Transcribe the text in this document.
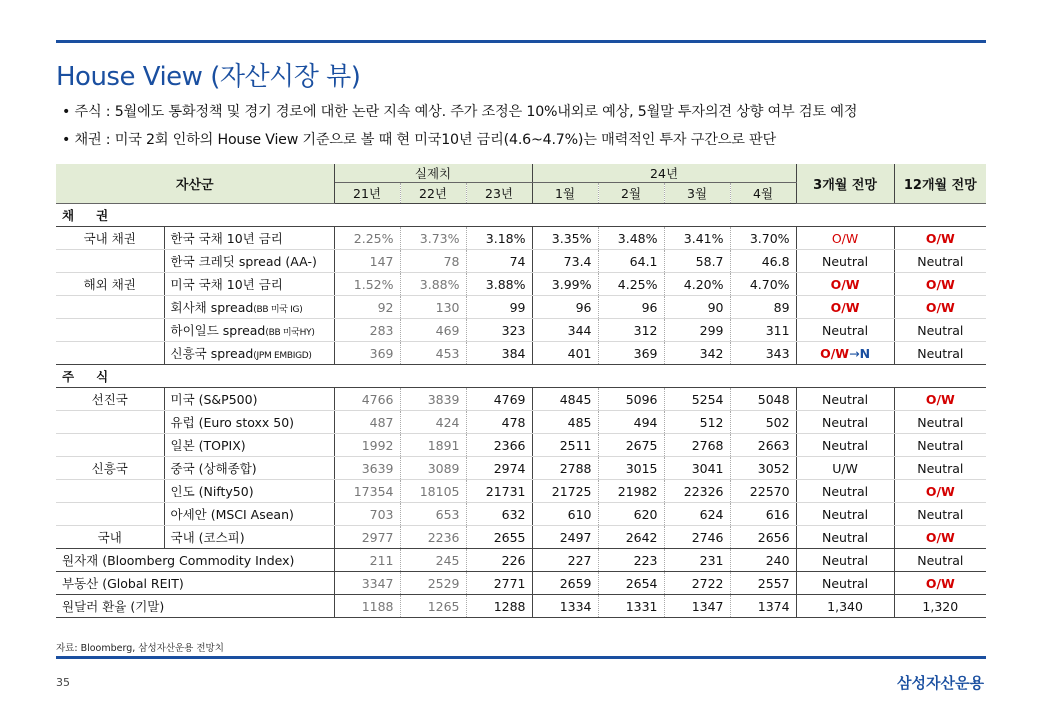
House View (자산시장 뷰)
• 주식 : 5월에도 통화정책 및 경기 경로에 대한 논란 지속 예상. 주가 조정은 10%내외로 예상, 5월말 투자의견 상향 여부 검토 예정
• 채권 : 미국 2회 인하의 House View 기준으로 볼 때 현 미국10년 금리(4.6~4.7%)는 매력적인 투자 구간으로 판단
자산군		실제치			24년				3개월 전망	12개월 전망
		21년	22년	23년	1월	2월	3월	4월		
채권										
국내 채권	한국 국채 10년 금리	2.25%	3.73%	3.18%	3.35%	3.48%	3.41%	3.70%	O/W	O/W
	한국 크레딧 spread (AA-)	147	78	74	73.4	64.1	58.7	46.8	Neutral	Neutral
해외 채권	미국 국채 10년 금리	1.52%	3.88%	3.88%	3.99%	4.25%	4.20%	4.70%	O/W	O/W
	회사채 spread(BB 미국 IG)	92	130	99	96	96	90	89	O/W	O/W
	하이일드 spread(BB 미국HY)	283	469	323	344	312	299	311	Neutral	Neutral
	신흥국 spread(JPM EMBIGD)	369	453	384	401	369	342	343	O/W→N	Neutral
주식										
선진국	미국 (S&P500)	4766	3839	4769	4845	5096	5254	5048	Neutral	O/W
	유럽 (Euro stoxx 50)	487	424	478	485	494	512	502	Neutral	Neutral
	일본 (TOPIX)	1992	1891	2366	2511	2675	2768	2663	Neutral	Neutral
신흥국	중국 (상해종합)	3639	3089	2974	2788	3015	3041	3052	U/W	Neutral
	인도 (Nifty50)	17354	18105	21731	21725	21982	22326	22570	Neutral	O/W
	아세안 (MSCI Asean)	703	653	632	610	620	624	616	Neutral	Neutral
국내	국내 (코스피)	2977	2236	2655	2497	2642	2746	2656	Neutral	O/W
원자재 (Bloomberg Commodity Index)		211	245	226	227	223	231	240	Neutral	Neutral
부동산 (Global REIT)		3347	2529	2771	2659	2654	2722	2557	Neutral	O/W
원달러 환율 (기말)		1188	1265	1288	1334	1331	1347	1374	1,340	1,320
자료: Bloomberg, 삼성자산운용 전망치
35	삼성자산운용
